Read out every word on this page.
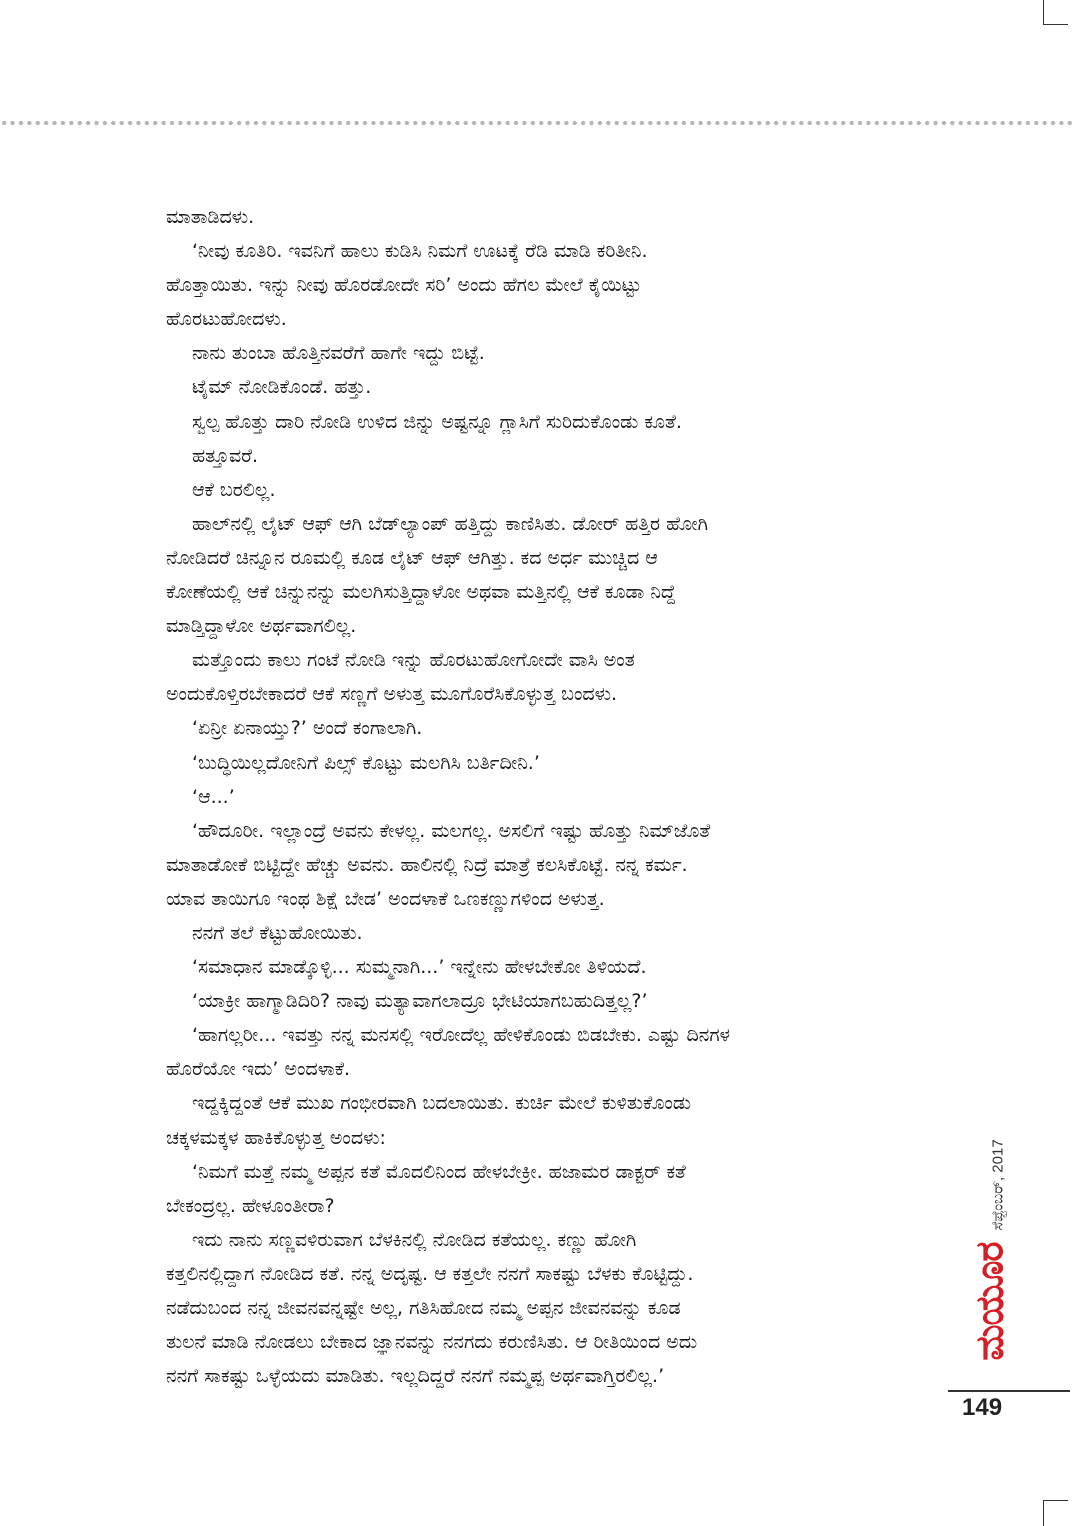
ಮಾತಾಡಿದಳು.
‘ನೀವು ಕೂತಿರಿ. ಇವನಿಗೆ ಹಾಲು ಕುಡಿಸಿ ನಿಮಗೆ ಊಟಕ್ಕೆ ರೆಡಿ ಮಾಡಿ ಕರಿತೀನಿ.
ಹೊತ್ತಾಯಿತು. ಇನ್ನು ನೀವು ಹೊರಡೋದೇ ಸರಿ’ ಅಂದು ಹೆಗಲ ಮೇಲೆ ಕೈಯಿಟ್ಟು
ಹೊರಟುಹೋದಳು.
ನಾನು ತುಂಬಾ ಹೊತ್ತಿನವರೆಗೆ ಹಾಗೇ ಇದ್ದು ಬಿಟ್ಟೆ.
ಟೈಮ್ ನೋಡಿಕೊಂಡೆ. ಹತ್ತು.
ಸ್ವಲ್ಪ ಹೊತ್ತು ದಾರಿ ನೋಡಿ ಉಳಿದ ಜಿನ್ನು ಅಷ್ಟನ್ನೂ ಗ್ಲಾಸಿಗೆ ಸುರಿದುಕೊಂಡು ಕೂತೆ.
ಹತ್ತೂವರೆ.
ಆಕೆ ಬರಲಿಲ್ಲ.
ಹಾಲ್‌ನಲ್ಲಿ ಲೈಟ್ ಆಫ್ ಆಗಿ ಬೆಡ್‌ಲ್ಯಾಂಪ್ ಹತ್ತಿದ್ದು ಕಾಣಿಸಿತು. ಡೋರ್ ಹತ್ತಿರ ಹೋಗಿ
ನೋಡಿದರೆ ಚಿನ್ನೂನ ರೂಮಲ್ಲಿ ಕೂಡ ಲೈಟ್ ಆಫ್ ಆಗಿತ್ತು. ಕದ ಅರ್ಧ ಮುಚ್ಚಿದ ಆ
ಕೋಣೆಯಲ್ಲಿ ಆಕೆ ಚಿನ್ನುನನ್ನು ಮಲಗಿಸುತ್ತಿದ್ದಾಳೋ ಅಥವಾ ಮತ್ತಿನಲ್ಲಿ ಆಕೆ ಕೂಡಾ ನಿದ್ದೆ
ಮಾಡ್ತಿದ್ದಾಳೋ ಅರ್ಥವಾಗಲಿಲ್ಲ.
ಮತ್ತೊಂದು ಕಾಲು ಗಂಟೆ ನೋಡಿ ಇನ್ನು ಹೊರಟುಹೋಗೋದೇ ವಾಸಿ ಅಂತ
ಅಂದುಕೊಳ್ತಿರಬೇಕಾದರೆ ಆಕೆ ಸಣ್ಣಗೆ ಅಳುತ್ತ ಮೂಗೊರೆಸಿಕೊಳ್ಳುತ್ತ ಬಂದಳು.
‘ಏನ್ರೀ ಏನಾಯ್ತು?’ ಅಂದೆ ಕಂಗಾಲಾಗಿ.
‘ಬುದ್ಧಿಯಿಲ್ಲದೋನಿಗೆ ಪಿಲ್ಸ್ ಕೊಟ್ಟು ಮಲಗಿಸಿ ಬರ್ತಿದೀನಿ.’
‘ಆ...’
‘ಹೌದೂರೀ. ಇಲ್ಲಾಂದ್ರೆ ಅವನು ಕೇಳಲ್ಲ. ಮಲಗಲ್ಲ. ಅಸಲಿಗೆ ಇಷ್ಟು ಹೊತ್ತು ನಿಮ್‌ಜೊತೆ
ಮಾತಾಡೋಕೆ ಬಿಟ್ಟಿದ್ದೇ ಹೆಚ್ಚು ಅವನು. ಹಾಲಿನಲ್ಲಿ ನಿದ್ರೆ ಮಾತ್ರೆ ಕಲಸಿಕೊಟ್ಟೆ. ನನ್ನ ಕರ್ಮ.
ಯಾವ ತಾಯಿಗೂ ಇಂಥ ಶಿಕ್ಷೆ ಬೇಡ’ ಅಂದಳಾಕೆ ಒಣಕಣ್ಣುಗಳಿಂದ ಅಳುತ್ತ.
ನನಗೆ ತಲೆ ಕೆಟ್ಟುಹೋಯಿತು.
‘ಸಮಾಧಾನ ಮಾಡ್ಕೊಳ್ಳಿ... ಸುಮ್ಮನಾಗಿ...’ ಇನ್ನೇನು ಹೇಳಬೇಕೋ ತಿಳಿಯದೆ.
‘ಯಾಕ್ರೀ ಹಾಗ್ಮಾಡಿದಿರಿ? ನಾವು ಮತ್ಯಾವಾಗಲಾದ್ರೂ ಭೇಟಿಯಾಗಬಹುದಿತ್ತಲ್ಲ?’
‘ಹಾಗಲ್ಲರೀ... ಇವತ್ತು ನನ್ನ ಮನಸಲ್ಲಿ ಇರೋದೆಲ್ಲ ಹೇಳಿಕೊಂಡು ಬಿಡಬೇಕು. ಎಷ್ಟು ದಿನಗಳ
ಹೊರೆಯೋ ಇದು’ ಅಂದಳಾಕೆ.
ಇದ್ದಕ್ಕಿದ್ದಂತೆ ಆಕೆ ಮುಖ ಗಂಭೀರವಾಗಿ ಬದಲಾಯಿತು. ಕುರ್ಚಿ ಮೇಲೆ ಕುಳಿತುಕೊಂಡು
ಚಕ್ಕಳಮಕ್ಕಳ ಹಾಕಿಕೊಳ್ಳುತ್ತ ಅಂದಳು:
‘ನಿಮಗೆ ಮತ್ತೆ ನಮ್ಮ ಅಪ್ಪನ ಕತೆ ಮೊದಲಿನಿಂದ ಹೇಳಬೇಕ್ರೀ. ಹಜಾಮರ ಡಾಕ್ಟರ್ ಕತೆ
ಬೇಕಂದ್ರಲ್ಲ. ಹೇಳೂಂತೀರಾ?
ಇದು ನಾನು ಸಣ್ಣವಳಿರುವಾಗ ಬೆಳಕಿನಲ್ಲಿ ನೋಡಿದ ಕತೆಯಲ್ಲ. ಕಣ್ಣು ಹೋಗಿ
ಕತ್ತಲಿನಲ್ಲಿದ್ದಾಗ ನೋಡಿದ ಕತೆ. ನನ್ನ ಅದೃಷ್ಟ. ಆ ಕತ್ತಲೇ ನನಗೆ ಸಾಕಷ್ಟು ಬೆಳಕು ಕೊಟ್ಟಿದ್ದು.
ನಡೆದುಬಂದ ನನ್ನ ಜೀವನವನ್ನಷ್ಟೇ ಅಲ್ಲ, ಗತಿಸಿಹೋದ ನಮ್ಮ ಅಪ್ಪನ ಜೀವನವನ್ನು ಕೂಡ
ತುಲನೆ ಮಾಡಿ ನೋಡಲು ಬೇಕಾದ ಜ್ಞಾನವನ್ನು ನನಗದು ಕರುಣಿಸಿತು. ಆ ರೀತಿಯಿಂದ ಅದು
ನನಗೆ ಸಾಕಷ್ಟು ಒಳ್ಳೆಯದು ಮಾಡಿತು. ಇಲ್ಲದಿದ್ದರೆ ನನಗೆ ನಮ್ಮಪ್ಪ ಅರ್ಥವಾಗ್ತಿರಲಿಲ್ಲ.’
ಮಯೂರ
ಸೆಪ್ಟೆಂಬರ್, 2017
149
